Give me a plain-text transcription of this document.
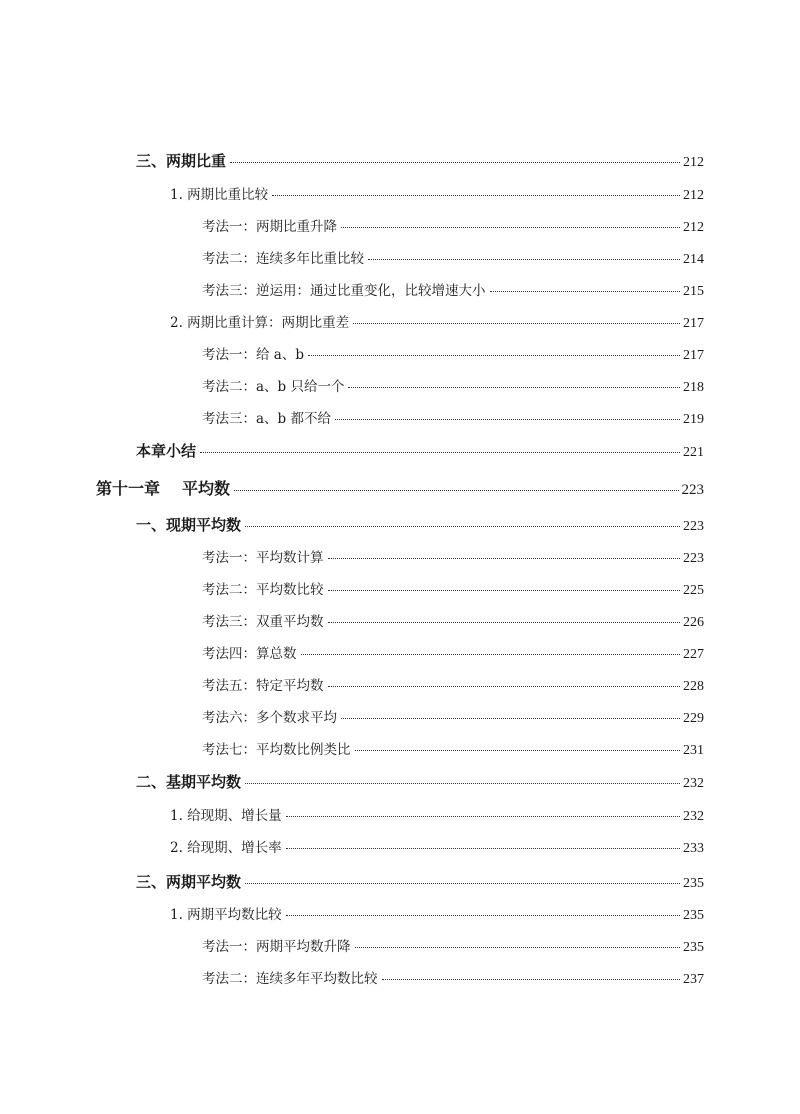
三、两期比重	212
1. 两期比重比较	212
考法一：两期比重升降	212
考法二：连续多年比重比较	214
考法三：逆运用：通过比重变化，比较增速大小	215
2. 两期比重计算：两期比重差	217
考法一：给 a、b	217
考法二：a、b 只给一个	218
考法三：a、b 都不给	219
本章小结	221
第十一章 平均数	223
一、现期平均数	223
考法一：平均数计算	223
考法二：平均数比较	225
考法三：双重平均数	226
考法四：算总数	227
考法五：特定平均数	228
考法六：多个数求平均	229
考法七：平均数比例类比	231
二、基期平均数	232
1. 给现期、增长量	232
2. 给现期、增长率	233
三、两期平均数	235
1. 两期平均数比较	235
考法一：两期平均数升降	235
考法二：连续多年平均数比较	237
